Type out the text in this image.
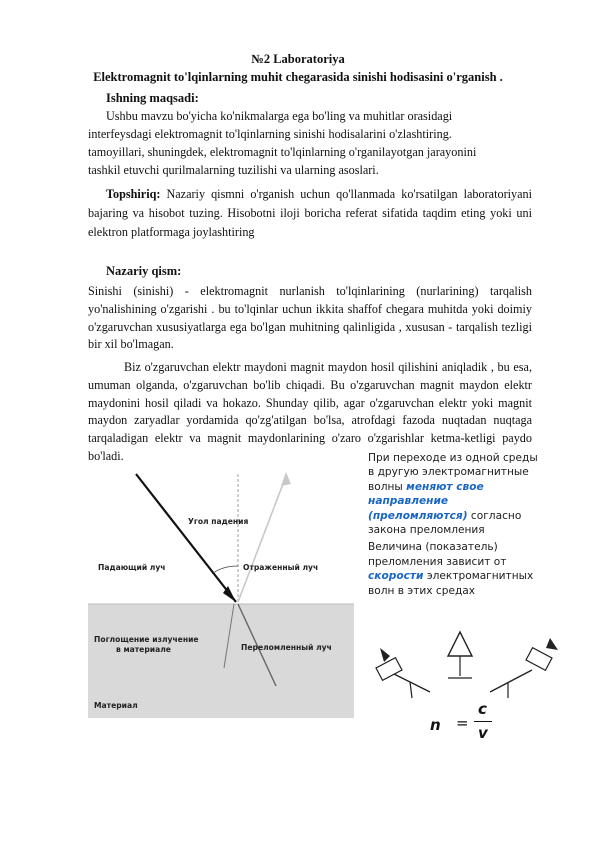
№2 Laboratoriya
Elektromagnit to'lqinlarning muhit chegarasida sinishi hodisasini o'rganish .
Ishning maqsadi:
Ushbu mavzu bo'yicha ko'nikmalarga ega bo'ling va muhitlar orasidagi
interfeysdagi elektromagnit to'lqinlarning sinishi hodisalarini o'zlashtiring.
tamoyillari, shuningdek, elektromagnit to'lqinlarning o'rganilayotgan jarayonini
tashkil etuvchi qurilmalarning tuzilishi va ularning asoslari.
Topshiriq: Nazariy qismni o'rganish uchun qo'llanmada ko'rsatilgan laboratoriyani bajaring va hisobot tuzing. Hisobotni iloji boricha referat sifatida taqdim eting yoki uni elektron platformaga joylashtiring
Nazariy qism:
Sinishi (sinishi) - elektromagnit nurlanish to'lqinlarining (nurlarining) tarqalish yo'nalishining o'zgarishi . bu to'lqinlar uchun ikkita shaffof chegara muhitda yoki doimiy o'zgaruvchan xususiyatlarga ega bo'lgan muhitning qalinligida , xususan - tarqalish tezligi bir xil bo'lmagan.
Biz o'zgaruvchan elektr maydoni magnit maydon hosil qilishini aniqladik , bu esa, umuman olganda, o'zgaruvchan bo'lib chiqadi. Bu o'zgaruvchan magnit maydon elektr maydonini hosil qiladi va hokazo. Shunday qilib, agar o'zgaruvchan elektr yoki magnit maydon zaryadlar yordamida qo'zg'atilgan bo'lsa, atrofdagi fazoda nuqtadan nuqtaga tarqaladigan elektr va magnit maydonlarining o'zaro o'zgarishlar ketma-ketligi paydo bo'ladi.
Угол падения
Падающий луч	Отраженный луч
Поглощение излучение
в материале	Переломленный луч
Материал
При переходе из одной среды
в другую электромагнитные
волны меняют свое
направление
(преломляются) согласно
закона преломления
Величина (показатель)
преломления зависит от
скорости электромагнитных
волн в этих средах
n =
c
v
